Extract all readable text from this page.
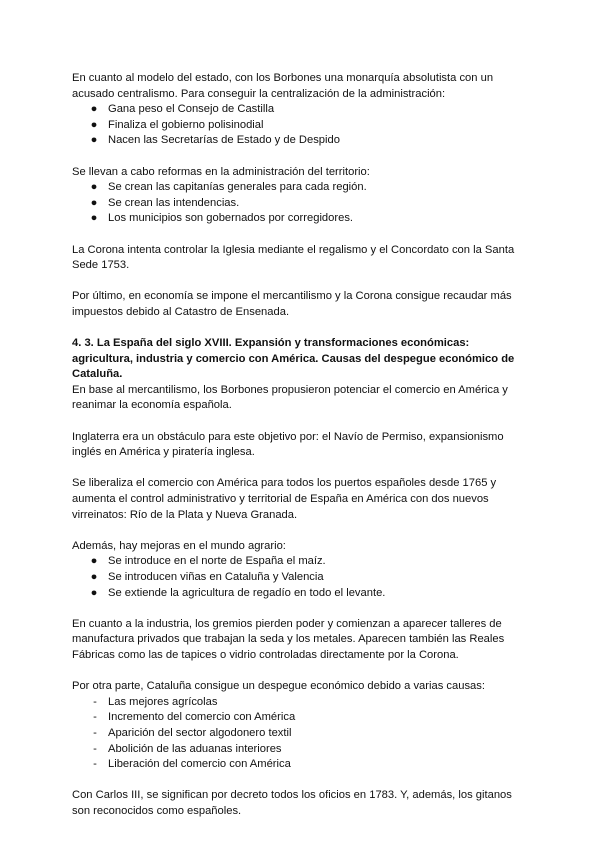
En cuanto al modelo del estado, con los Borbones una monarquía absolutista con un

acusado centralismo. Para conseguir la centralización de la administración:

● Gana peso el Consejo de Castilla
● Finaliza el gobierno polisinodial
● Nacen las Secretarías de Estado y de Despido

Se llevan a cabo reformas en la administración del territorio:

● Se crean las capitanías generales para cada región.
● Se crean las intendencias.
● Los municipios son gobernados por corregidores.

La Corona intenta controlar la Iglesia mediante el regalismo y el Concordato con la Santa

Sede 1753.

Por último, en economía se impone el mercantilismo y la Corona consigue recaudar más

impuestos debido al Catastro de Ensenada.

4. 3. La España del siglo XVIII. Expansión y transformaciones económicas:

agricultura, industria y comercio con América. Causas del despegue económico de

Cataluña.

En base al mercantilismo, los Borbones propusieron potenciar el comercio en América y

reanimar la economía española.

Inglaterra era un obstáculo para este objetivo por: el Navío de Permiso, expansionismo

inglés en América y piratería inglesa.

Se liberaliza el comercio con América para todos los puertos españoles desde 1765 y

aumenta el control administrativo y territorial de España en América con dos nuevos

virreinatos: Río de la Plata y Nueva Granada.

Además, hay mejoras en el mundo agrario:

● Se introduce en el norte de España el maíz.
● Se introducen viñas en Cataluña y Valencia
● Se extiende la agricultura de regadío en todo el levante.

En cuanto a la industria, los gremios pierden poder y comienzan a aparecer talleres de

manufactura privados que trabajan la seda y los metales. Aparecen también las Reales

Fábricas como las de tapices o vidrio controladas directamente por la Corona.

Por otra parte, Cataluña consigue un despegue económico debido a varias causas:

- Las mejores agrícolas
- Incremento del comercio con América
- Aparición del sector algodonero textil
- Abolición de las aduanas interiores
- Liberación del comercio con América

Con Carlos III, se significan por decreto todos los oficios en 1783. Y, además, los gitanos

son reconocidos como españoles.
